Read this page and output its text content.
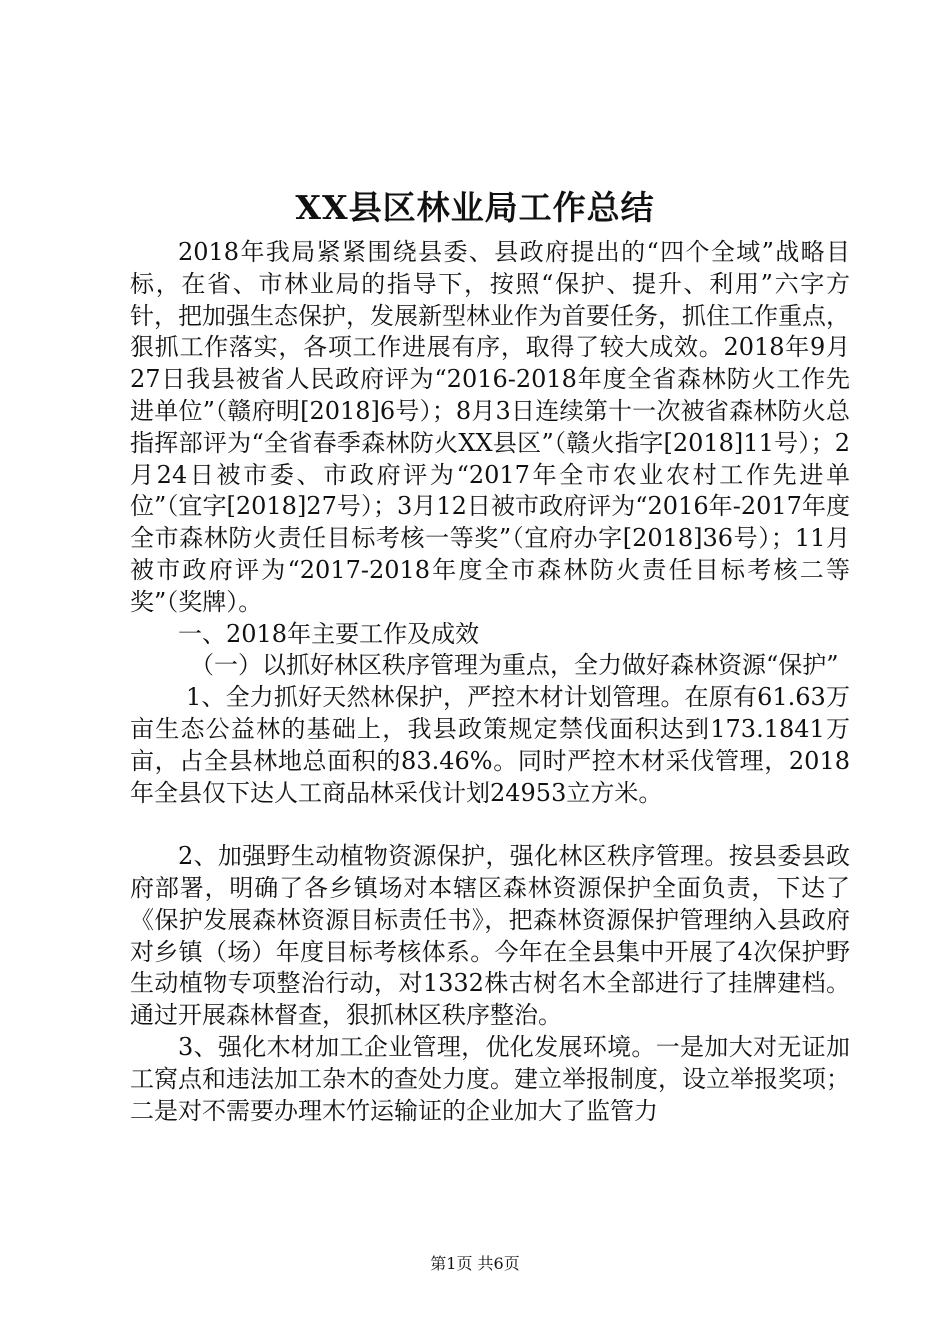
XX县区林业局工作总结

2018年我局紧紧围绕县委、县政府提出的“四个全域”战略目标，在省、市林业局的指导下，按照“保护、提升、利用”六字方针，把加强生态保护，发展新型林业作为首要任务，抓住工作重点，狠抓工作落实，各项工作进展有序，取得了较大成效。2018年9月27日我县被省人民政府评为“2016-2018年度全省森林防火工作先进单位”（赣府明[2018]6号）；8月3日连续第十一次被省森林防火总指挥部评为“全省春季森林防火XX县区”（赣火指字[2018]11号）；2月24日被市委、市政府评为“2017年全市农业农村工作先进单位”（宜字[2018]27号）；3月12日被市政府评为“2016年-2017年度全市森林防火责任目标考核一等奖”（宜府办字[2018]36号）；11月被市政府评为“2017-2018年度全市森林防火责任目标考核二等奖”（奖牌）。

一、2018年主要工作及成效

（一）以抓好林区秩序管理为重点，全力做好森林资源“保护”

1、全力抓好天然林保护，严控木材计划管理。在原有61.63万亩生态公益林的基础上，我县政策规定禁伐面积达到173.1841万亩，占全县林地总面积的83.46%。同时严控木材采伐管理，2018年全县仅下达人工商品林采伐计划24953立方米。

2、加强野生动植物资源保护，强化林区秩序管理。按县委县政府部署，明确了各乡镇场对本辖区森林资源保护全面负责，下达了《保护发展森林资源目标责任书》，把森林资源保护管理纳入县政府对乡镇（场）年度目标考核体系。今年在全县集中开展了4次保护野生动植物专项整治行动，对1332株古树名木全部进行了挂牌建档。通过开展森林督查，狠抓林区秩序整治。

3、强化木材加工企业管理，优化发展环境。一是加大对无证加工窝点和违法加工杂木的查处力度。建立举报制度，设立举报奖项；二是对不需要办理木竹运输证的企业加大了监管力

第1页 共6页
